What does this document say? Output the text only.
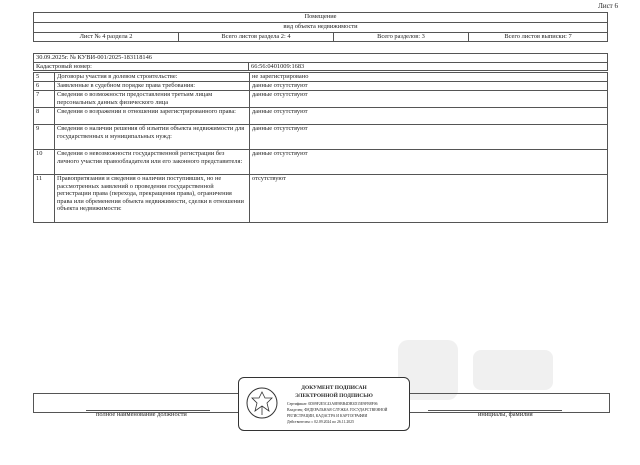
Лист 6
Помещение
вид объекта недвижимости
Лист № 4 раздела 2	Всего листов раздела 2: 4	Всего разделов: 3	Всего листов выписки: 7
30.09.2025г. № КУВИ-001/2025-183118146
Кадастровый номер:	66:56:0401009:1683
5	Договоры участия в долевом строительстве:	не зарегистрировано
6	Заявленные в судебном порядке права требования:	данные отсутствуют
7	Сведения о возможности предоставления третьим лицам персональных данных физического лица	данные отсутствуют
8	Сведения о возражении в отношении зарегистрированного права:	данные отсутствуют
9	Сведения о наличии решения об изъятии объекта недвижимости для государственных и муниципальных нужд:	данные отсутствуют
10	Сведения о невозможности государственной регистрации без личного участия правообладателя или его законного представителя:	данные отсутствуют
11	Правопритязания и сведения о наличии поступивших, но не рассмотренных заявлений о проведении государственной регистрации права (перехода, прекращения права), ограничения права или обременения объекта недвижимости, сделки в отношении объекта недвижимости:	отсутствуют
полное наименование должности	инициалы, фамилия
ДОКУМЕНТ ПОДПИСАН
ЭЛЕКТРОННОЙ ПОДПИСЬЮ
Сертификат: 0D09F2E5C43A8E9BB4DB3D15E9FB8F06
Владелец: ФЕДЕРАЛЬНАЯ СЛУЖБА ГОСУДАРСТВЕННОЙ
РЕГИСТРАЦИИ, КАДАСТРА И КАРТОГРАФИИ
Действителен: с 02.09.2024 по 26.11.2025
